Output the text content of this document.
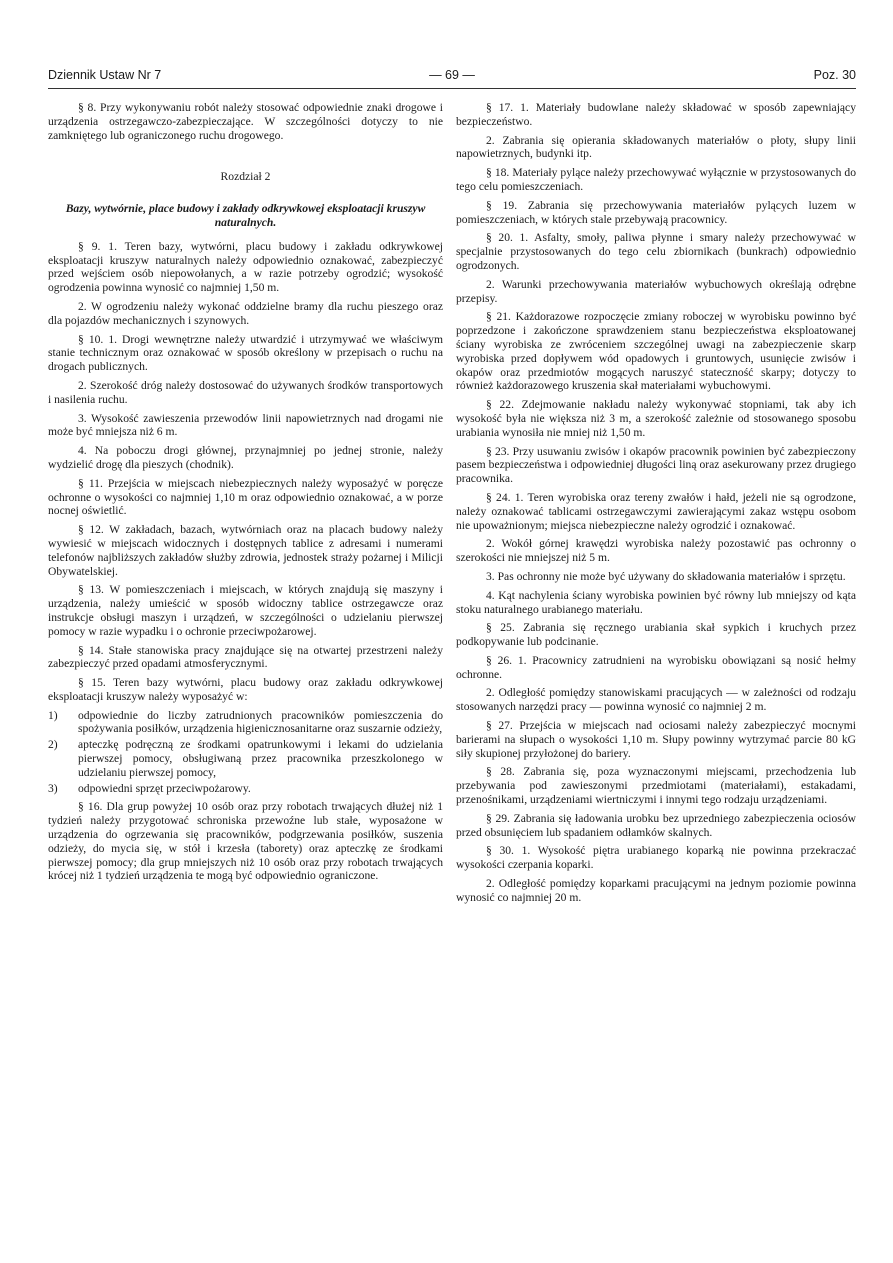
Dziennik Ustaw Nr 7	— 69 —	Poz. 30

§ 8. Przy wykonywaniu robót należy stosować odpowiednie znaki drogowe i urządzenia ostrzegawczo-zabezpieczające. W szczególności dotyczy to nie zamkniętego lub ograniczonego ruchu drogowego.

Rozdział 2

Bazy, wytwórnie, place budowy i zakłady odkrywkowej eksploatacji kruszyw naturalnych.

§ 9. 1. Teren bazy, wytwórni, placu budowy i zakładu odkrywkowej eksploatacji kruszyw naturalnych należy odpowiednio oznakować, zabezpieczyć przed wejściem osób niepowołanych, a w razie potrzeby ogrodzić; wysokość ogrodzenia powinna wynosić co najmniej 1,50 m.

2. W ogrodzeniu należy wykonać oddzielne bramy dla ruchu pieszego oraz dla pojazdów mechanicznych i szynowych.

§ 10. 1. Drogi wewnętrzne należy utwardzić i utrzymywać we właściwym stanie technicznym oraz oznakować w sposób określony w przepisach o ruchu na drogach publicznych.

2. Szerokość dróg należy dostosować do używanych środków transportowych i nasilenia ruchu.

3. Wysokość zawieszenia przewodów linii napowietrznych nad drogami nie może być mniejsza niż 6 m.

4. Na poboczu drogi głównej, przynajmniej po jednej stronie, należy wydzielić drogę dla pieszych (chodnik).

§ 11. Przejścia w miejscach niebezpiecznych należy wyposażyć w poręcze ochronne o wysokości co najmniej 1,10 m oraz odpowiednio oznakować, a w porze nocnej oświetlić.

§ 12. W zakładach, bazach, wytwórniach oraz na placach budowy należy wywiesić w miejscach widocznych i dostępnych tablice z adresami i numerami telefonów najbliższych zakładów służby zdrowia, jednostek straży pożarnej i Milicji Obywatelskiej.

§ 13. W pomieszczeniach i miejscach, w których znajdują się maszyny i urządzenia, należy umieścić w sposób widoczny tablice ostrzegawcze oraz instrukcje obsługi maszyn i urządzeń, w szczególności o udzielaniu pierwszej pomocy w razie wypadku i o ochronie przeciwpożarowej.

§ 14. Stałe stanowiska pracy znajdujące się na otwartej przestrzeni należy zabezpieczyć przed opadami atmosferycznymi.

§ 15. Teren bazy wytwórni, placu budowy oraz zakładu odkrywkowej eksploatacji kruszyw należy wyposażyć w:

1) odpowiednie do liczby zatrudnionych pracowników pomieszczenia do spożywania posiłków, urządzenia higienicznosanitarne oraz suszarnie odzieży,
2) apteczkę podręczną ze środkami opatrunkowymi i lekami do udzielania pierwszej pomocy, obsługiwaną przez pracownika przeszkolonego w udzielaniu pierwszej pomocy,
3) odpowiedni sprzęt przeciwpożarowy.

§ 16. Dla grup powyżej 10 osób oraz przy robotach trwających dłużej niż 1 tydzień należy przygotować schroniska przewoźne lub stałe, wyposażone w urządzenia do ogrzewania się pracowników, podgrzewania posiłków, suszenia odzieży, do mycia się, w stół i krzesła (taborety) oraz apteczkę ze środkami pierwszej pomocy; dla grup mniejszych niż 10 osób oraz przy robotach trwających krócej niż 1 tydzień urządzenia te mogą być odpowiednio ograniczone.

§ 17. 1. Materiały budowlane należy składować w sposób zapewniający bezpieczeństwo.

2. Zabrania się opierania składowanych materiałów o płoty, słupy linii napowietrznych, budynki itp.

§ 18. Materiały pylące należy przechowywać wyłącznie w przystosowanych do tego celu pomieszczeniach.

§ 19. Zabrania się przechowywania materiałów pylących luzem w pomieszczeniach, w których stale przebywają pracownicy.

§ 20. 1. Asfalty, smoły, paliwa płynne i smary należy przechowywać w specjalnie przystosowanych do tego celu zbiornikach (bunkrach) odpowiednio ogrodzonych.

2. Warunki przechowywania materiałów wybuchowych określają odrębne przepisy.

§ 21. Każdorazowe rozpoczęcie zmiany roboczej w wyrobisku powinno być poprzedzone i zakończone sprawdzeniem stanu bezpieczeństwa eksploatowanej ściany wyrobiska ze zwróceniem szczególnej uwagi na zabezpieczenie skarp wyrobiska przed dopływem wód opadowych i gruntowych, usunięcie zwisów i okapów oraz przedmiotów mogących naruszyć stateczność skarpy; dotyczy to również każdorazowego kruszenia skał materiałami wybuchowymi.

§ 22. Zdejmowanie nakładu należy wykonywać stopniami, tak aby ich wysokość była nie większa niż 3 m, a szerokość zależnie od stosowanego sposobu urabiania wynosiła nie mniej niż 1,50 m.

§ 23. Przy usuwaniu zwisów i okapów pracownik powinien być zabezpieczony pasem bezpieczeństwa i odpowiedniej długości liną oraz asekurowany przez drugiego pracownika.

§ 24. 1. Teren wyrobiska oraz tereny zwałów i hałd, jeżeli nie są ogrodzone, należy oznakować tablicami ostrzegawczymi zawierającymi zakaz wstępu osobom nie upoważnionym; miejsca niebezpieczne należy ogrodzić i oznakować.

2. Wokół górnej krawędzi wyrobiska należy pozostawić pas ochronny o szerokości nie mniejszej niż 5 m.

3. Pas ochronny nie może być używany do składowania materiałów i sprzętu.

4. Kąt nachylenia ściany wyrobiska powinien być równy lub mniejszy od kąta stoku naturalnego urabianego materiału.

§ 25. Zabrania się ręcznego urabiania skał sypkich i kruchych przez podkopywanie lub podcinanie.

§ 26. 1. Pracownicy zatrudnieni na wyrobisku obowiązani są nosić hełmy ochronne.

2. Odległość pomiędzy stanowiskami pracujących — w zależności od rodzaju stosowanych narzędzi pracy — powinna wynosić co najmniej 2 m.

§ 27. Przejścia w miejscach nad ociosami należy zabezpieczyć mocnymi barierami na słupach o wysokości 1,10 m. Słupy powinny wytrzymać parcie 80 kG siły skupionej przyłożonej do bariery.

§ 28. Zabrania się, poza wyznaczonymi miejscami, przechodzenia lub przebywania pod zawieszonymi przedmiotami (materiałami), estakadami, przenośnikami, urządzeniami wiertniczymi i innymi tego rodzaju urządzeniami.

§ 29. Zabrania się ładowania urobku bez uprzedniego zabezpieczenia ociosów przed obsunięciem lub spadaniem odłamków skalnych.

§ 30. 1. Wysokość piętra urabianego koparką nie powinna przekraczać wysokości czerpania koparki.

2. Odległość pomiędzy koparkami pracującymi na jednym poziomie powinna wynosić co najmniej 20 m.
